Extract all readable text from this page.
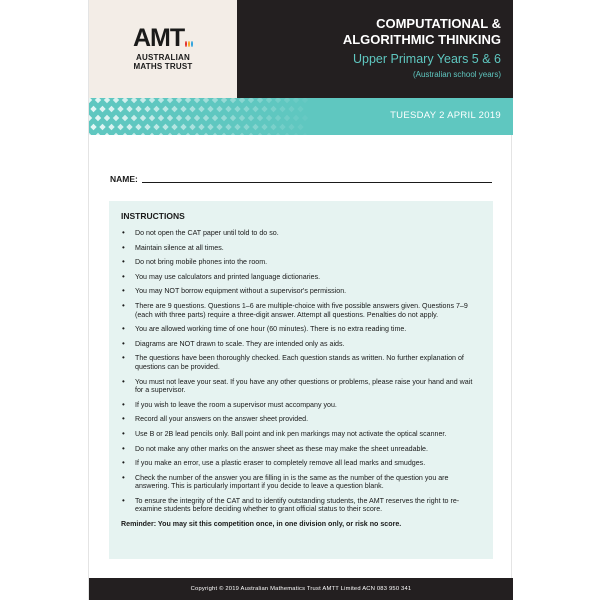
AMT
AUSTRALIAN
MATHS TRUST
COMPUTATIONAL &
ALGORITHMIC THINKING
Upper Primary Years 5 & 6
(Australian school years)
TUESDAY 2 APRIL 2019
NAME:
INSTRUCTIONS
• Do not open the CAT paper until told to do so.
• Maintain silence at all times.
• Do not bring mobile phones into the room.
• You may use calculators and printed language dictionaries.
• You may NOT borrow equipment without a supervisor's permission.
• There are 9 questions. Questions 1–6 are multiple-choice with five possible answers given. Questions 7–9 (each with three parts) require a three-digit answer. Attempt all questions. Penalties do not apply.
• You are allowed working time of one hour (60 minutes). There is no extra reading time.
• Diagrams are NOT drawn to scale. They are intended only as aids.
• The questions have been thoroughly checked. Each question stands as written. No further explanation of questions can be provided.
• You must not leave your seat. If you have any other questions or problems, please raise your hand and wait for a supervisor.
• If you wish to leave the room a supervisor must accompany you.
• Record all your answers on the answer sheet provided.
• Use B or 2B lead pencils only. Ball point and ink pen markings may not activate the optical scanner.
• Do not make any other marks on the answer sheet as these may make the sheet unreadable.
• If you make an error, use a plastic eraser to completely remove all lead marks and smudges.
• Check the number of the answer you are filling in is the same as the number of the question you are answering. This is particularly important if you decide to leave a question blank.
• To ensure the integrity of the CAT and to identify outstanding students, the AMT reserves the right to re-examine students before deciding whether to grant official status to their score.
Reminder: You may sit this competition once, in one division only, or risk no score.
Copyright © 2019 Australian Mathematics Trust AMTT Limited ACN 083 950 341
